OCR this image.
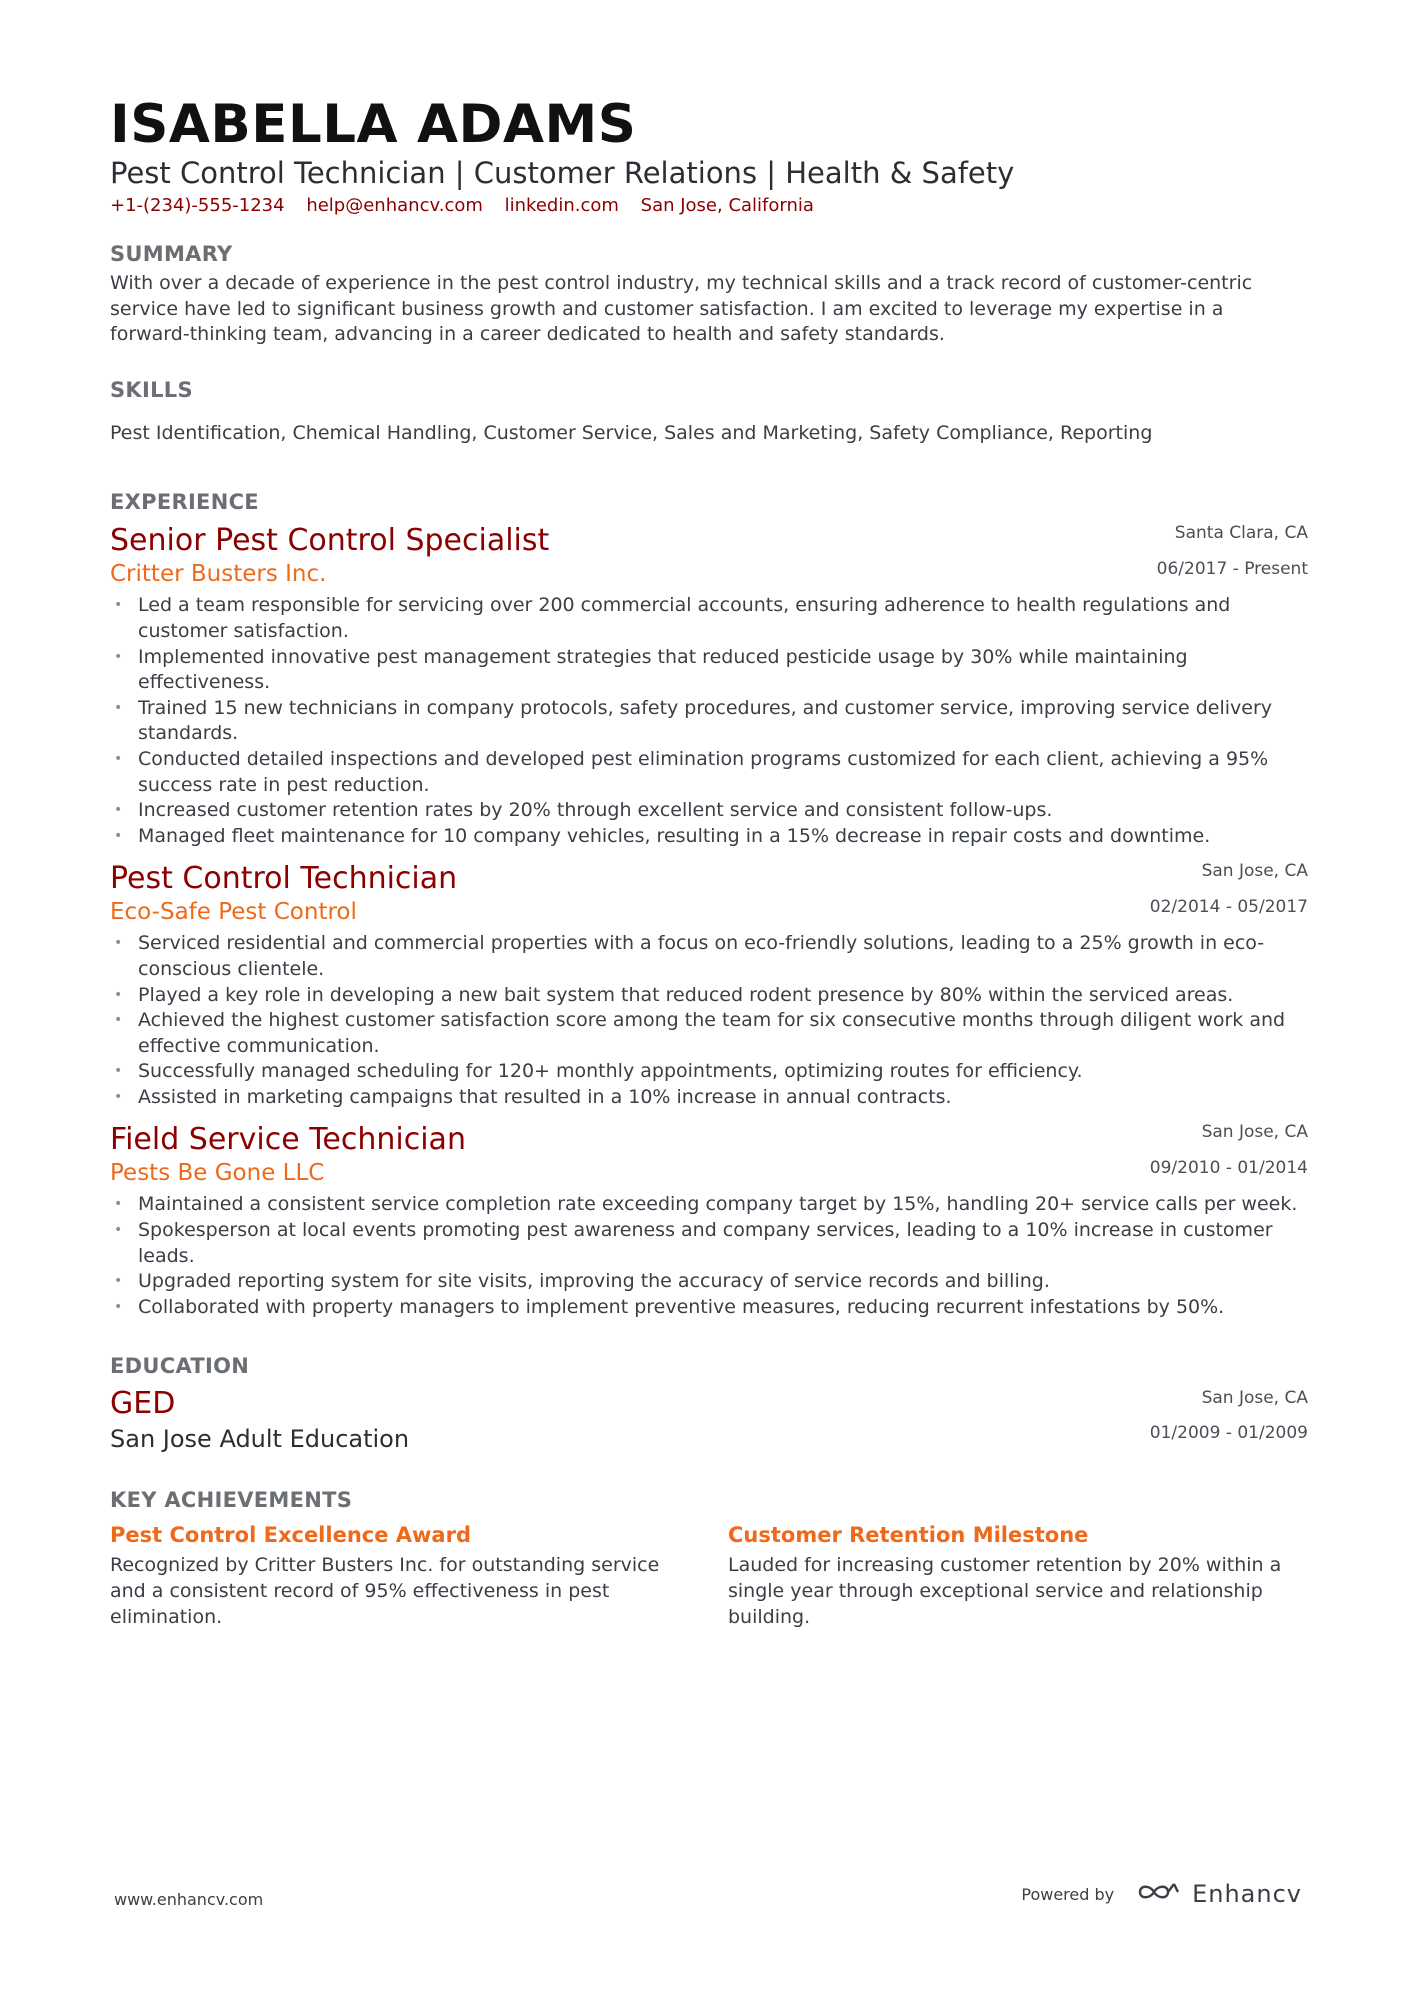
ISABELLA ADAMS
Pest Control Technician | Customer Relations | Health & Safety
+1-(234)-555-1234 help@enhancv.com linkedin.com San Jose, California
SUMMARY
With over a decade of experience in the pest control industry, my technical skills and a track record of customer-centric service have led to significant business growth and customer satisfaction. I am excited to leverage my expertise in a forward-thinking team, advancing in a career dedicated to health and safety standards.
SKILLS
Pest Identification, Chemical Handling, Customer Service, Sales and Marketing, Safety Compliance, Reporting
EXPERIENCE
Santa Clara, CA
06/2017 - Present
Senior Pest Control Specialist
Critter Busters Inc.
• Led a team responsible for servicing over 200 commercial accounts, ensuring adherence to health regulations and customer satisfaction.
• Implemented innovative pest management strategies that reduced pesticide usage by 30% while maintaining effectiveness.
• Trained 15 new technicians in company protocols, safety procedures, and customer service, improving service delivery standards.
• Conducted detailed inspections and developed pest elimination programs customized for each client, achieving a 95% success rate in pest reduction.
• Increased customer retention rates by 20% through excellent service and consistent follow-ups.
• Managed fleet maintenance for 10 company vehicles, resulting in a 15% decrease in repair costs and downtime.
San Jose, CA
02/2014 - 05/2017
Pest Control Technician
Eco-Safe Pest Control
• Serviced residential and commercial properties with a focus on eco-friendly solutions, leading to a 25% growth in eco-conscious clientele.
• Played a key role in developing a new bait system that reduced rodent presence by 80% within the serviced areas.
• Achieved the highest customer satisfaction score among the team for six consecutive months through diligent work and effective communication.
• Successfully managed scheduling for 120+ monthly appointments, optimizing routes for efficiency.
• Assisted in marketing campaigns that resulted in a 10% increase in annual contracts.
San Jose, CA
09/2010 - 01/2014
Field Service Technician
Pests Be Gone LLC
• Maintained a consistent service completion rate exceeding company target by 15%, handling 20+ service calls per week.
• Spokesperson at local events promoting pest awareness and company services, leading to a 10% increase in customer leads.
• Upgraded reporting system for site visits, improving the accuracy of service records and billing.
• Collaborated with property managers to implement preventive measures, reducing recurrent infestations by 50%.
EDUCATION
San Jose, CA
01/2009 - 01/2009
GED
San Jose Adult Education
KEY ACHIEVEMENTS
Pest Control Excellence Award
Recognized by Critter Busters Inc. for outstanding service and a consistent record of 95% effectiveness in pest elimination.
Customer Retention Milestone
Lauded for increasing customer retention by 20% within a single year through exceptional service and relationship building.
www.enhancv.com	Powered by	Enhancv
